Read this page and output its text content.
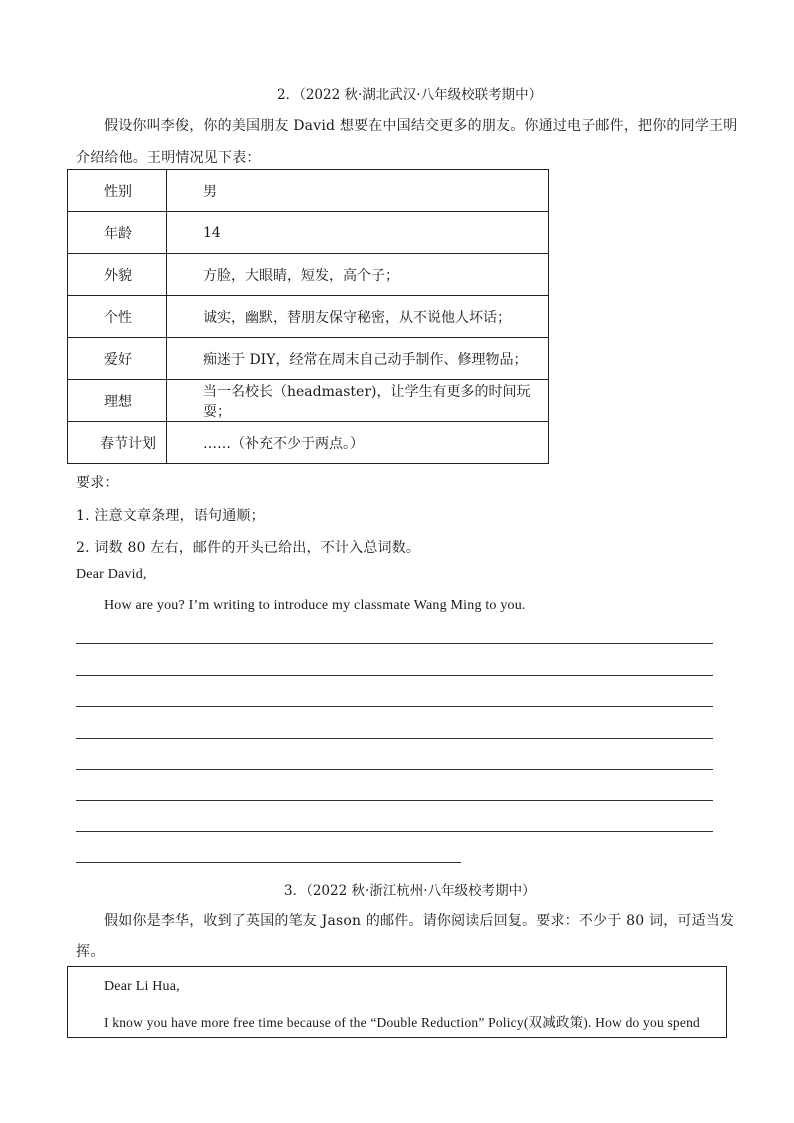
2．（2022 秋·湖北武汉·八年级校联考期中）
假设你叫李俊，你的美国朋友 David 想要在中国结交更多的朋友。你通过电子邮件，把你的同学王明
介绍给他。王明情况见下表：
性别	男
年龄	14
外貌	方脸，大眼睛，短发，高个子；
个性	诚实，幽默，替朋友保守秘密，从不说他人坏话；
爱好	痴迷于 DIY，经常在周末自己动手制作、修理物品；
理想	当一名校长（headmaster)，让学生有更多的时间玩耍；
春节计划	……（补充不少于两点。）
要求：
1. 注意文章条理，语句通顺；
2. 词数 80 左右，邮件的开头已给出，不计入总词数。
Dear David,
How are you? I’m writing to introduce my classmate Wang Ming to you.
3．（2022 秋·浙江杭州·八年级校考期中）
假如你是李华，收到了英国的笔友 Jason 的邮件。请你阅读后回复。要求：不少于 80 词，可适当发
挥。
Dear Li Hua,
I know you have more free time because of the “Double Reduction” Policy(双减政策). How do you spend
